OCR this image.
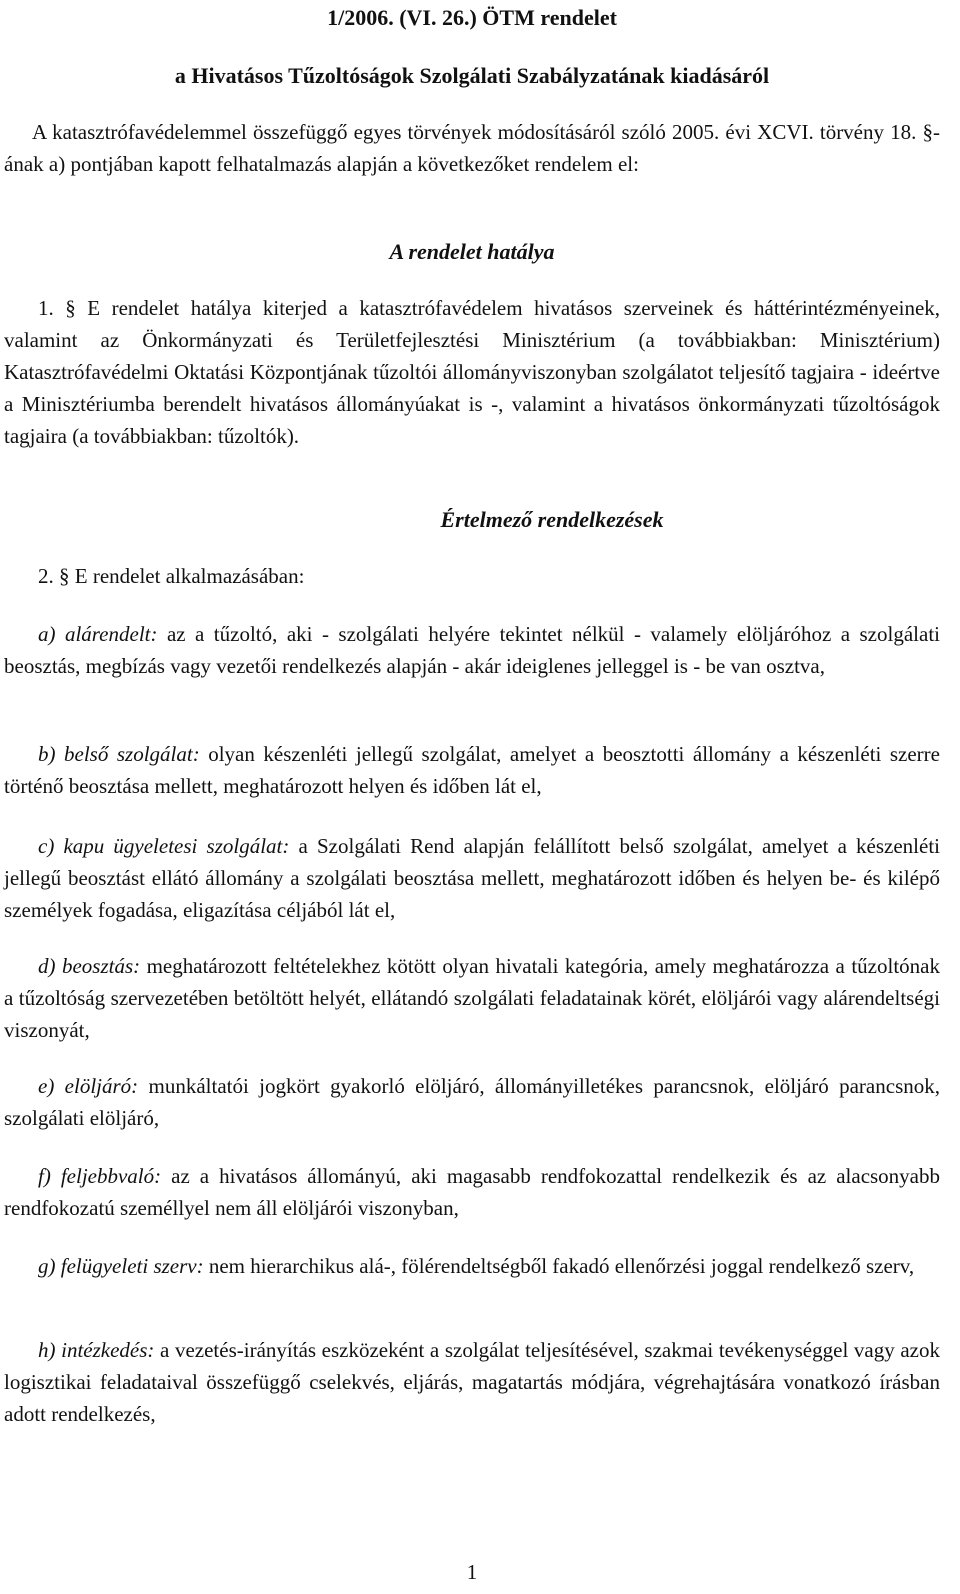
1/2006. (VI. 26.) ÖTM rendelet
a Hivatásos Tűzoltóságok Szolgálati Szabályzatának kiadásáról
A katasztrófavédelemmel összefüggő egyes törvények módosításáról szóló 2005. évi XCVI. törvény 18. §-ának a) pontjában kapott felhatalmazás alapján a következőket rendelem el:
A rendelet hatálya
1. § E rendelet hatálya kiterjed a katasztrófavédelem hivatásos szerveinek és háttérintézményeinek, valamint az Önkormányzati és Területfejlesztési Minisztérium (a továbbiakban: Minisztérium) Katasztrófavédelmi Oktatási Központjának tűzoltói állományviszonyban szolgálatot teljesítő tagjaira - ideértve a Minisztériumba berendelt hivatásos állományúakat is -, valamint a hivatásos önkormányzati tűzoltóságok tagjaira (a továbbiakban: tűzoltók).
Értelmező rendelkezések
2. § E rendelet alkalmazásában:
a) alárendelt: az a tűzoltó, aki - szolgálati helyére tekintet nélkül - valamely elöljáróhoz a szolgálati beosztás, megbízás vagy vezetői rendelkezés alapján - akár ideiglenes jelleggel is - be van osztva,
b) belső szolgálat: olyan készenléti jellegű szolgálat, amelyet a beosztotti állomány a készenléti szerre történő beosztása mellett, meghatározott helyen és időben lát el,
c) kapu ügyeletesi szolgálat: a Szolgálati Rend alapján felállított belső szolgálat, amelyet a készenléti jellegű beosztást ellátó állomány a szolgálati beosztása mellett, meghatározott időben és helyen be- és kilépő személyek fogadása, eligazítása céljából lát el,
d) beosztás: meghatározott feltételekhez kötött olyan hivatali kategória, amely meghatározza a tűzoltónak a tűzoltóság szervezetében betöltött helyét, ellátandó szolgálati feladatainak körét, elöljárói vagy alárendeltségi viszonyát,
e) elöljáró: munkáltatói jogkört gyakorló elöljáró, állományilletékes parancsnok, elöljáró parancsnok, szolgálati elöljáró,
f) feljebbvaló: az a hivatásos állományú, aki magasabb rendfokozattal rendelkezik és az alacsonyabb rendfokozatú személlyel nem áll elöljárói viszonyban,
g) felügyeleti szerv: nem hierarchikus alá-, fölérendeltségből fakadó ellenőrzési joggal rendelkező szerv,
h) intézkedés: a vezetés-irányítás eszközeként a szolgálat teljesítésével, szakmai tevékenységgel vagy azok logisztikai feladataival összefüggő cselekvés, eljárás, magatartás módjára, végrehajtására vonatkozó írásban adott rendelkezés,
1
